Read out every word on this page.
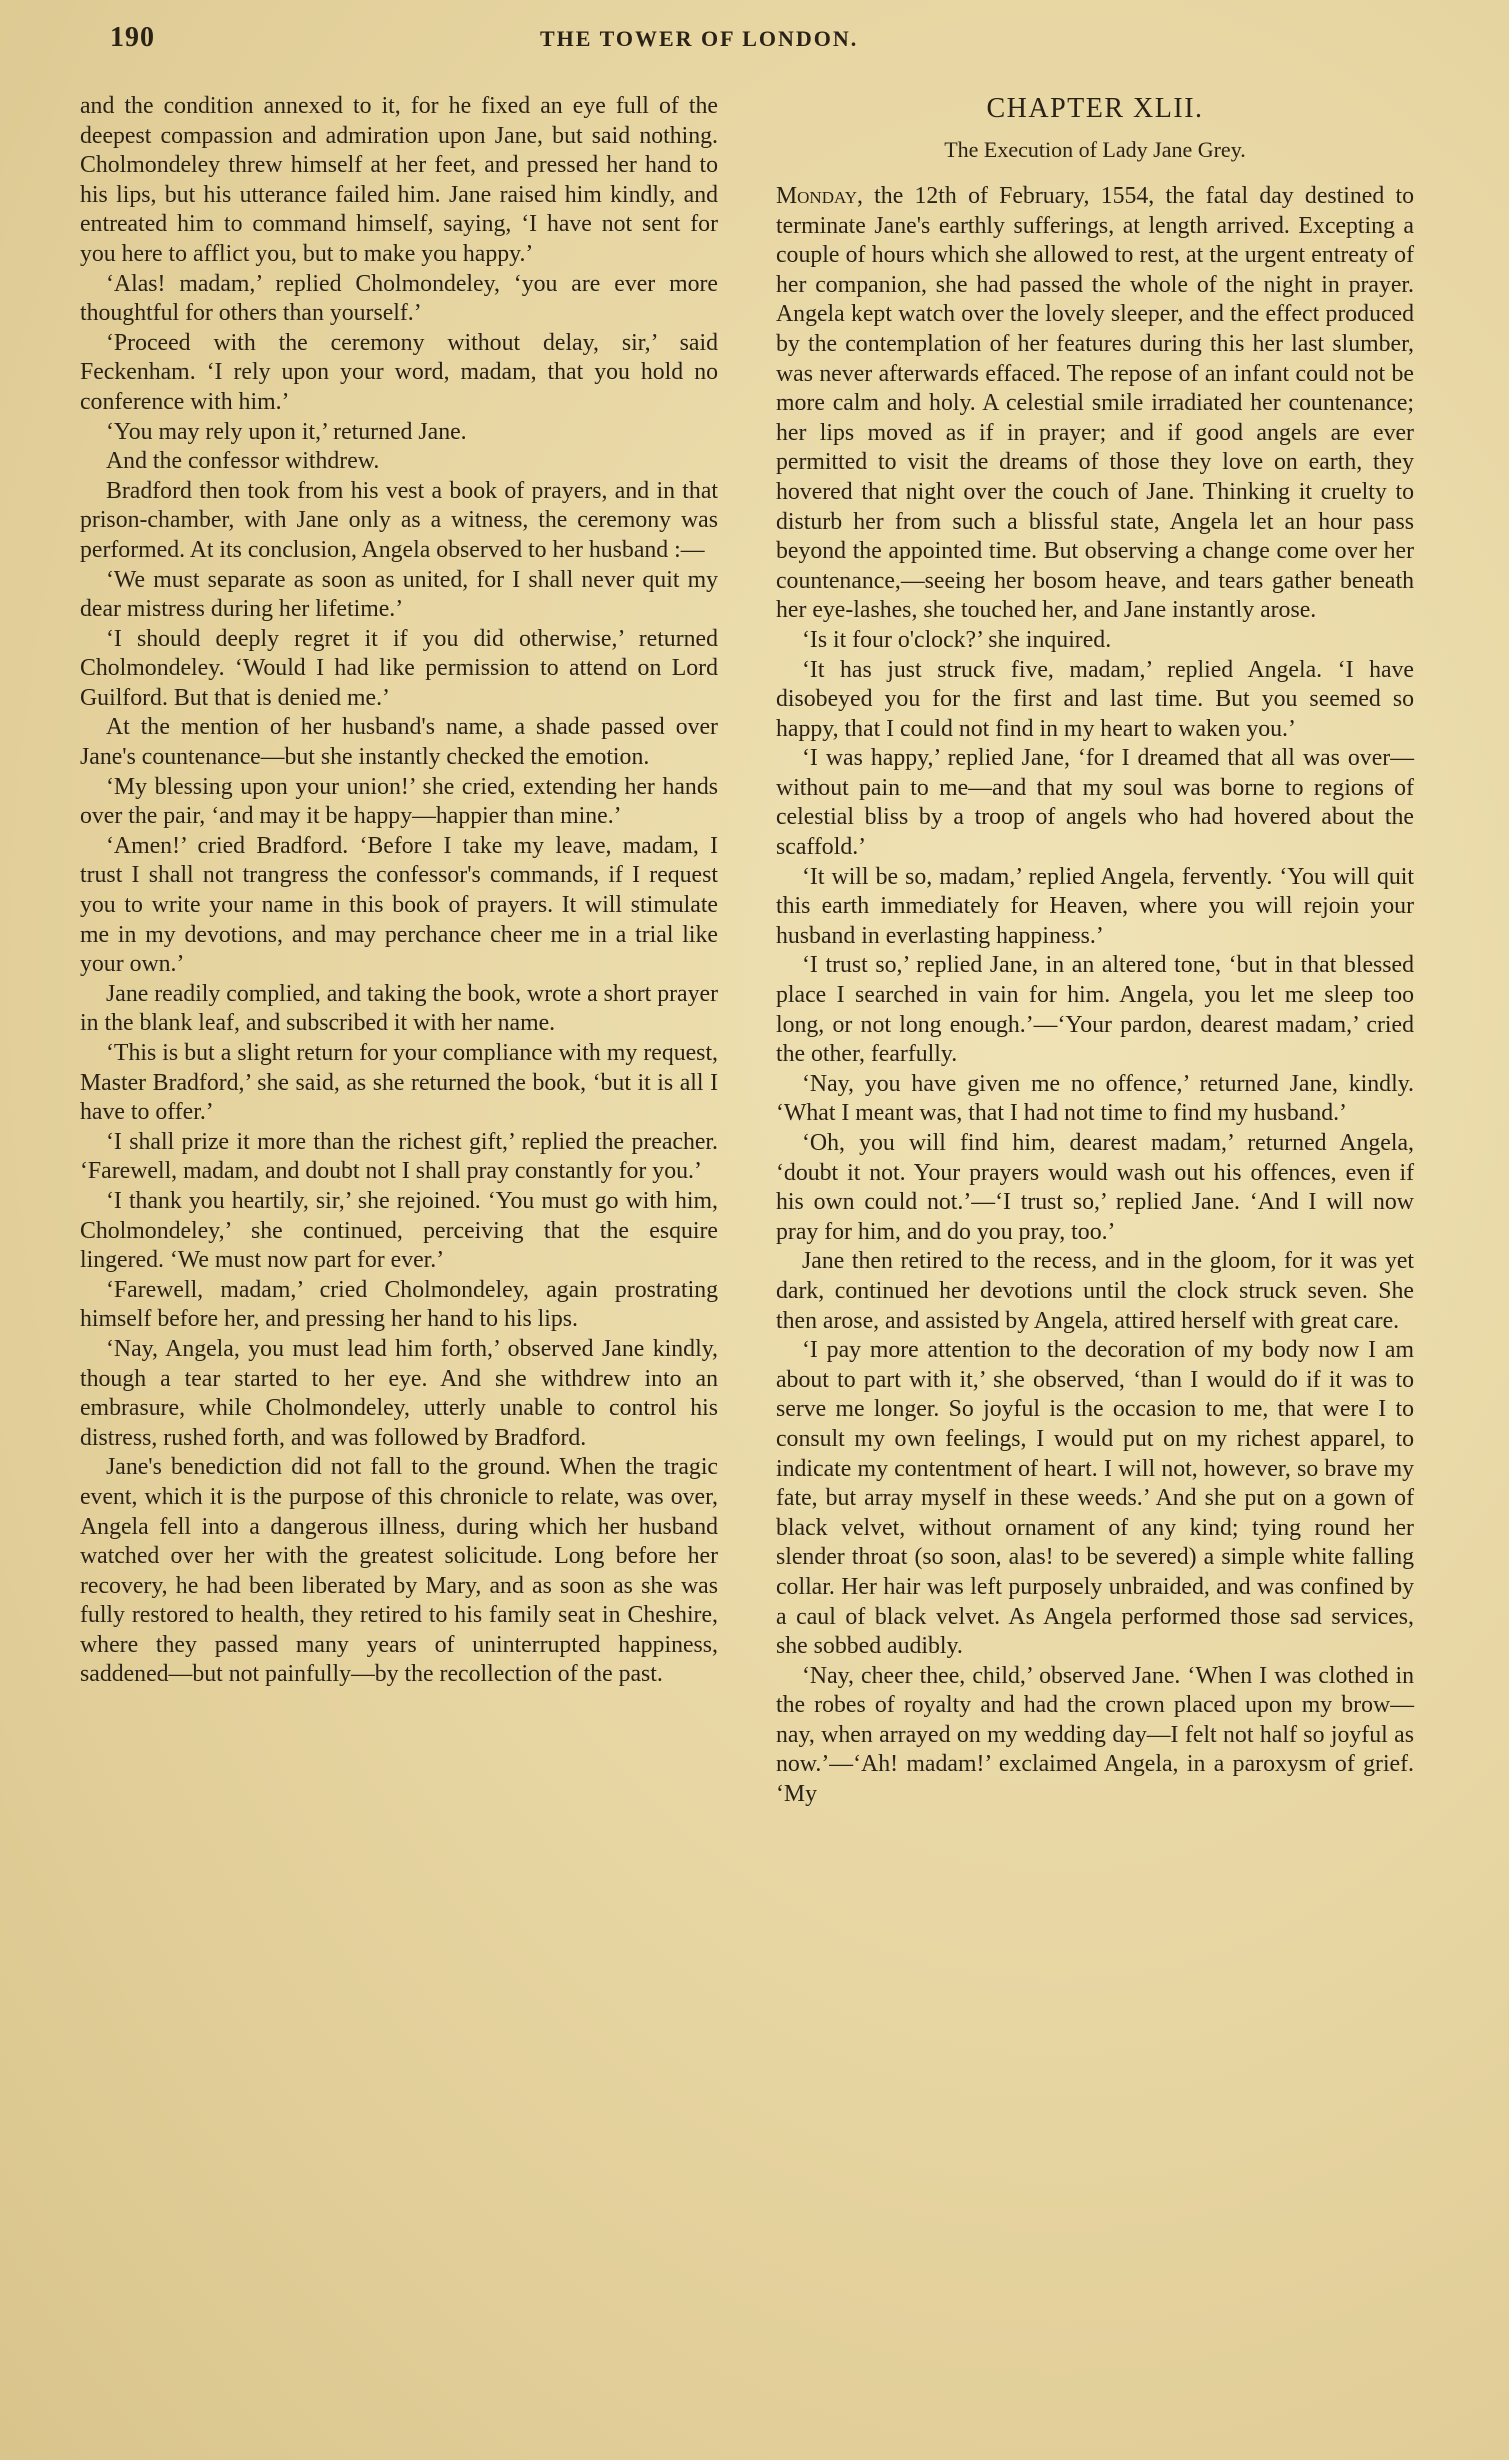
190	THE TOWER OF LONDON.

and the condition annexed to it, for he fixed an eye full of the deepest compassion and admiration upon Jane, but said nothing. Cholmondeley threw himself at her feet, and pressed her hand to his lips, but his utterance failed him. Jane raised him kindly, and entreated him to command himself, saying, ‘I have not sent for you here to afflict you, but to make you happy.’

‘Alas! madam,’ replied Cholmondeley, ‘you are ever more thoughtful for others than yourself.’

‘Proceed with the ceremony without delay, sir,’ said Feckenham. ‘I rely upon your word, madam, that you hold no conference with him.’

‘You may rely upon it,’ returned Jane.

And the confessor withdrew.

Bradford then took from his vest a book of prayers, and in that prison-chamber, with Jane only as a witness, the ceremony was performed. At its conclusion, Angela observed to her husband :—

‘We must separate as soon as united, for I shall never quit my dear mistress during her lifetime.’

‘I should deeply regret it if you did otherwise,’ returned Cholmondeley. ‘Would I had like permission to attend on Lord Guilford. But that is denied me.’

At the mention of her husband's name, a shade passed over Jane's countenance—but she instantly checked the emotion.

‘My blessing upon your union!’ she cried, extending her hands over the pair, ‘and may it be happy—happier than mine.’

‘Amen!’ cried Bradford. ‘Before I take my leave, madam, I trust I shall not trangress the confessor's commands, if I request you to write your name in this book of prayers. It will stimulate me in my devotions, and may perchance cheer me in a trial like your own.’

Jane readily complied, and taking the book, wrote a short prayer in the blank leaf, and subscribed it with her name.

‘This is but a slight return for your compliance with my request, Master Bradford,’ she said, as she returned the book, ‘but it is all I have to offer.’

‘I shall prize it more than the richest gift,’ replied the preacher. ‘Farewell, madam, and doubt not I shall pray constantly for you.’

‘I thank you heartily, sir,’ she rejoined. ‘You must go with him, Cholmondeley,’ she continued, perceiving that the esquire lingered. ‘We must now part for ever.’

‘Farewell, madam,’ cried Cholmondeley, again prostrating himself before her, and pressing her hand to his lips.

‘Nay, Angela, you must lead him forth,’ observed Jane kindly, though a tear started to her eye. And she withdrew into an embrasure, while Cholmondeley, utterly unable to control his distress, rushed forth, and was followed by Bradford.

Jane's benediction did not fall to the ground. When the tragic event, which it is the purpose of this chronicle to relate, was over, Angela fell into a dangerous illness, during which her husband watched over her with the greatest solicitude. Long before her recovery, he had been liberated by Mary, and as soon as she was fully restored to health, they retired to his family seat in Cheshire, where they passed many years of uninterrupted happiness, saddened—but not painfully—by the recollection of the past.

CHAPTER XLII.
The Execution of Lady Jane Grey.

Monday, the 12th of February, 1554, the fatal day destined to terminate Jane's earthly sufferings, at length arrived. Excepting a couple of hours which she allowed to rest, at the urgent entreaty of her companion, she had passed the whole of the night in prayer. Angela kept watch over the lovely sleeper, and the effect produced by the contemplation of her features during this her last slumber, was never afterwards effaced. The repose of an infant could not be more calm and holy. A celestial smile irradiated her countenance; her lips moved as if in prayer; and if good angels are ever permitted to visit the dreams of those they love on earth, they hovered that night over the couch of Jane. Thinking it cruelty to disturb her from such a blissful state, Angela let an hour pass beyond the appointed time. But observing a change come over her countenance,—seeing her bosom heave, and tears gather beneath her eye-lashes, she touched her, and Jane instantly arose.

‘Is it four o'clock?’ she inquired.

‘It has just struck five, madam,’ replied Angela. ‘I have disobeyed you for the first and last time. But you seemed so happy, that I could not find in my heart to waken you.’

‘I was happy,’ replied Jane, ‘for I dreamed that all was over—without pain to me—and that my soul was borne to regions of celestial bliss by a troop of angels who had hovered about the scaffold.’

‘It will be so, madam,’ replied Angela, fervently. ‘You will quit this earth immediately for Heaven, where you will rejoin your husband in everlasting happiness.’

‘I trust so,’ replied Jane, in an altered tone, ‘but in that blessed place I searched in vain for him. Angela, you let me sleep too long, or not long enough.’—‘Your pardon, dearest madam,’ cried the other, fearfully.

‘Nay, you have given me no offence,’ returned Jane, kindly. ‘What I meant was, that I had not time to find my husband.’

‘Oh, you will find him, dearest madam,’ returned Angela, ‘doubt it not. Your prayers would wash out his offences, even if his own could not.’—‘I trust so,’ replied Jane. ‘And I will now pray for him, and do you pray, too.’

Jane then retired to the recess, and in the gloom, for it was yet dark, continued her devotions until the clock struck seven. She then arose, and assisted by Angela, attired herself with great care.

‘I pay more attention to the decoration of my body now I am about to part with it,’ she observed, ‘than I would do if it was to serve me longer. So joyful is the occasion to me, that were I to consult my own feelings, I would put on my richest apparel, to indicate my contentment of heart. I will not, however, so brave my fate, but array myself in these weeds.’ And she put on a gown of black velvet, without ornament of any kind; tying round her slender throat (so soon, alas! to be severed) a simple white falling collar. Her hair was left purposely unbraided, and was confined by a caul of black velvet. As Angela performed those sad services, she sobbed audibly.

‘Nay, cheer thee, child,’ observed Jane. ‘When I was clothed in the robes of royalty and had the crown placed upon my brow—nay, when arrayed on my wedding day—I felt not half so joyful as now.’—‘Ah! madam!’ exclaimed Angela, in a paroxysm of grief. ‘My
